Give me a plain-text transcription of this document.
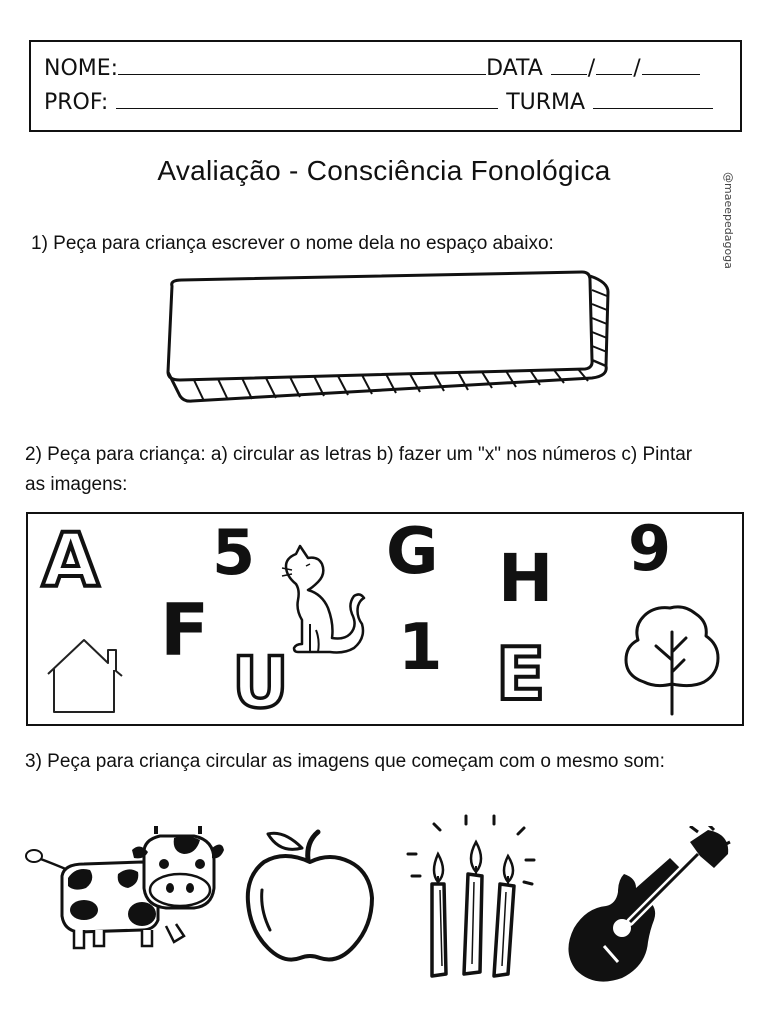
NOME:	DATA / /
PROF:	TURMA
Avaliação - Consciência Fonológica
@maeepedagoga
1) Peça para criança escrever o nome dela no espaço abaixo:
2) Peça para criança: a) circular as letras b) fazer um "x" nos números c) Pintar as imagens:
A 5 G H 9
F
U 1 E
3) Peça para criança circular as imagens que começam com o mesmo som:
